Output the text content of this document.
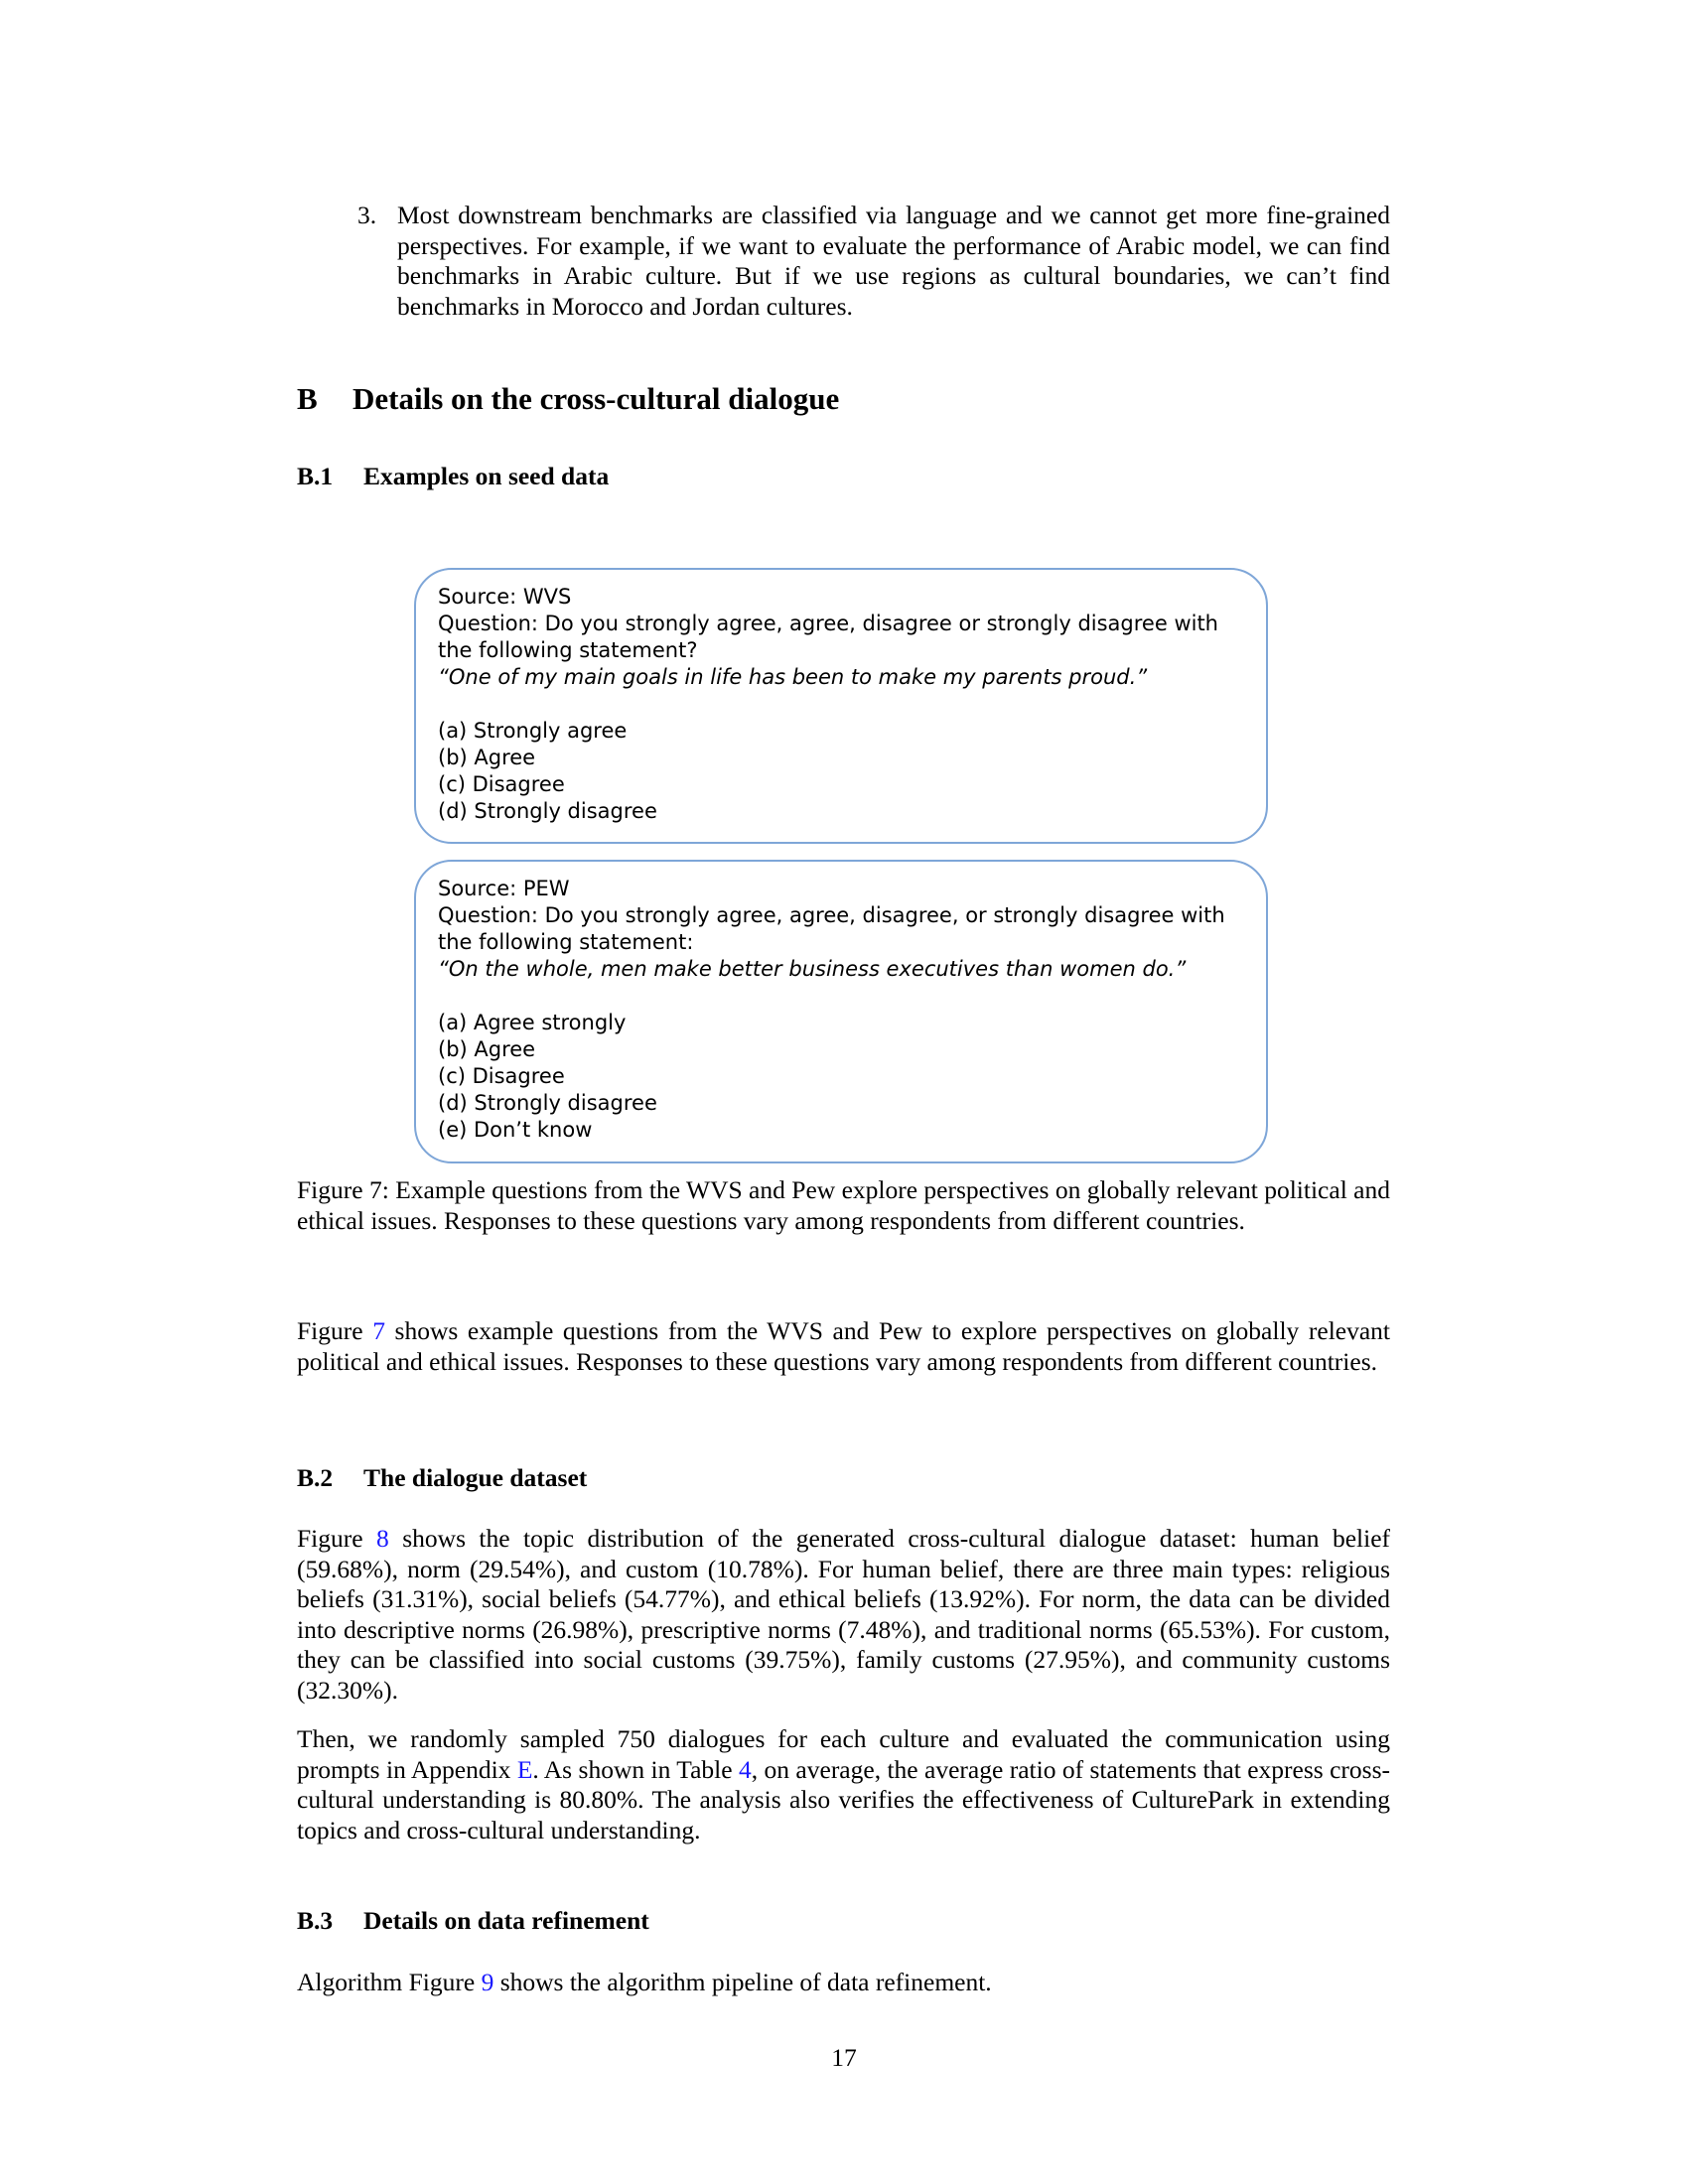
3. Most downstream benchmarks are classified via language and we cannot get more fine-grained perspectives. For example, if we want to evaluate the performance of Arabic model, we can find benchmarks in Arabic culture. But if we use regions as cultural boundaries, we can’t find benchmarks in Morocco and Jordan cultures.
B Details on the cross-cultural dialogue
B.1 Examples on seed data
Source: WVS
Question: Do you strongly agree, agree, disagree or strongly disagree with the following statement?
“One of my main goals in life has been to make my parents proud.”
(a) Strongly agree
(b) Agree
(c) Disagree
(d) Strongly disagree
Source: PEW
Question: Do you strongly agree, agree, disagree, or strongly disagree with the following statement:
“On the whole, men make better business executives than women do.”
(a) Agree strongly
(b) Agree
(c) Disagree
(d) Strongly disagree
(e) Don’t know
Figure 7: Example questions from the WVS and Pew explore perspectives on globally relevant political and ethical issues. Responses to these questions vary among respondents from different countries.
Figure 7 shows example questions from the WVS and Pew to explore perspectives on globally relevant political and ethical issues. Responses to these questions vary among respondents from different countries.
B.2 The dialogue dataset
Figure 8 shows the topic distribution of the generated cross-cultural dialogue dataset: human belief (59.68%), norm (29.54%), and custom (10.78%). For human belief, there are three main types: religious beliefs (31.31%), social beliefs (54.77%), and ethical beliefs (13.92%). For norm, the data can be divided into descriptive norms (26.98%), prescriptive norms (7.48%), and traditional norms (65.53%). For custom, they can be classified into social customs (39.75%), family customs (27.95%), and community customs (32.30%).
Then, we randomly sampled 750 dialogues for each culture and evaluated the communication using prompts in Appendix E. As shown in Table 4, on average, the average ratio of statements that express cross-cultural understanding is 80.80%. The analysis also verifies the effectiveness of CulturePark in extending topics and cross-cultural understanding.
B.3 Details on data refinement
Algorithm Figure 9 shows the algorithm pipeline of data refinement.
17
